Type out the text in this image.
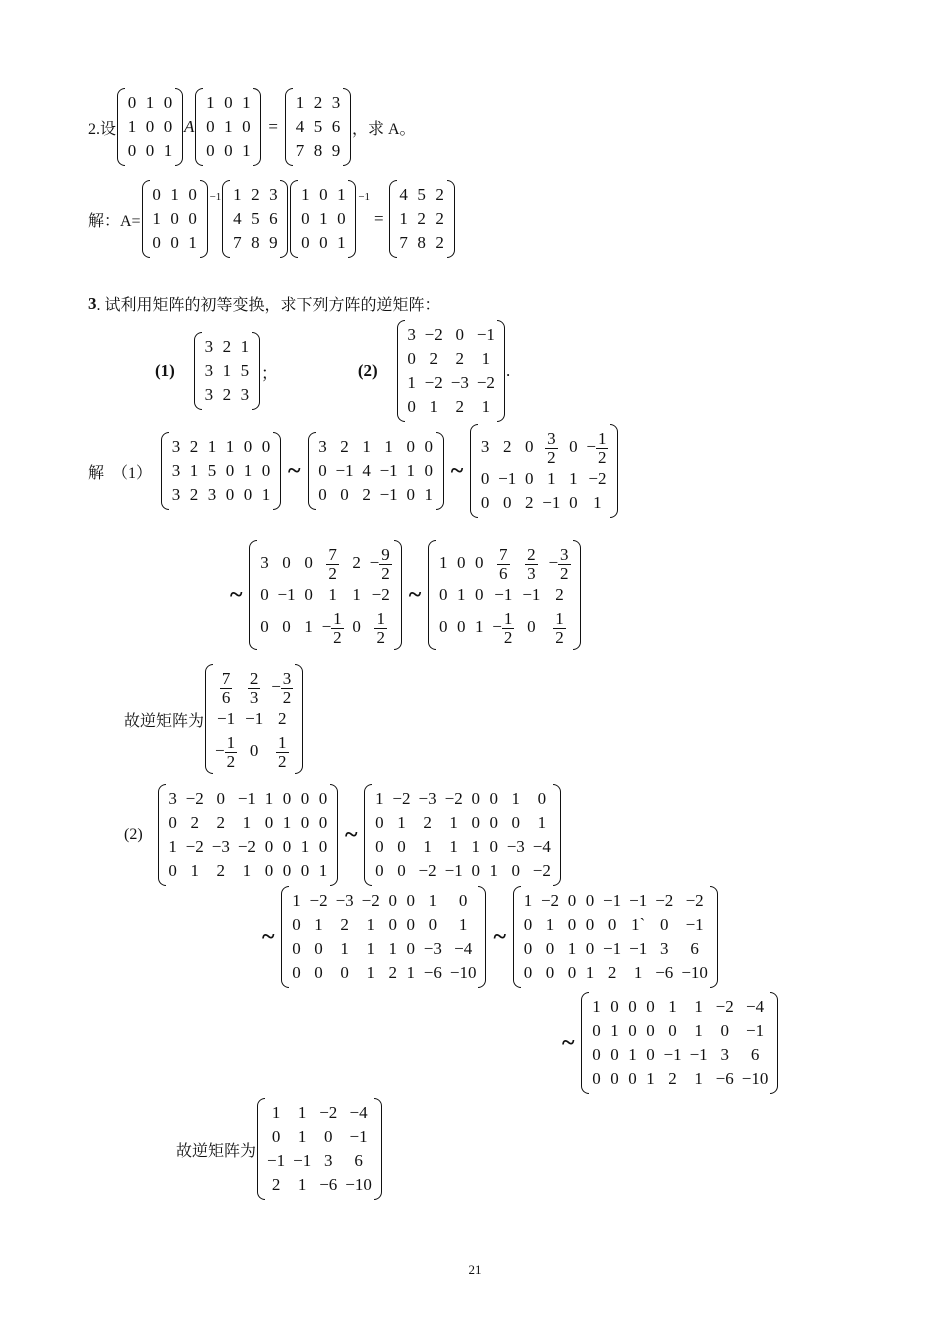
2.设
0 1 0
1 0 0
0 0 1
A
1 0 1
0 1 0
0 0 1
=
1 2 3
4 5 6
7 8 9
，求 A。
解：A=
0 1 0
1 0 0
0 0 1
−1 1 2 3
4 5 6
7 8 9
1 0 1
0 1 0
0 0 1
−1
=
4 5 2
1 2 2
7 8 2
3 . 试利用矩阵的初等变换，求下列方阵的逆矩阵：
(1)
3 2 1
3 1 5
3 2 3
；	(2)
3 −2 0 −1
0 2 2 1
1 −2 −3 −2
0 1 2 1
.
解　（1）
3 2 1 1 0 0
3 1 5 0 1 0
3 2 3 0 0 1
~
3 2 1 1 0 0
0 −1 4 −1 1 0
0 0 2 −1 0 1
~
3 2 $0 \frac{3}{2} 0 - \frac{1}{2}$
0 −1 0 1 1 −2
0 0 2 −1 0 1
~
3 0 $0 \frac{7}{2} 2 - \frac{9}{2}$
0 −1 0 1 1 −2
0 0 $1 - \frac{1}{2} 0 \frac{1}{2}$
~
1 0 $0 \frac{7}{6} \frac{2}{3} - \frac{3}{2}$
0 1 0 −1 −1 2
0 0 $1 - \frac{1}{2} 0 \frac{1}{2}$
故逆矩阵为
$\frac{7}{6} \frac{2}{3} - \frac{3}{2}$
−1 −1 2
− $\frac{1}{2} 0 \frac{1}{2}$
(2)
3 −2 0 −1 1 0 0 0
0 2 2 1 0 1 0 0
1 −2 −3 −2 0 0 1 0
0 1 2 1 0 0 0 1
~
1 −2 −3 −2 0 0 1 0
0 1 2 1 0 0 0 1
0 0 1 1 1 0 −3 −4
0 0 −2 −1 0 1 0 −2
~
1 −2 −3 −2 0 0 1	0
0 1 2 1 0 0 0	1
0 0 1 1 1 0 −3 −4
0 0 0 1 2 1 −6 −10
~
1 −2 0 0 −1 −1 −2 −2
0 1 0 0 0 1` 0 −1
0 0 1 0 −1 −1 3	6
0 0 0 1 2 1 −6 −10
~
1 0 0 0 1 1 −2 −4
0 1 0 0 0 1 0 −1
0 0 1 0 −1 −1 3	6
0 0 0 1 2 1 −6 −10
故逆矩阵为
1 1 −2 −4
0 1 0 −1
−1 −1 3	6
2 1 −6 −10
21
